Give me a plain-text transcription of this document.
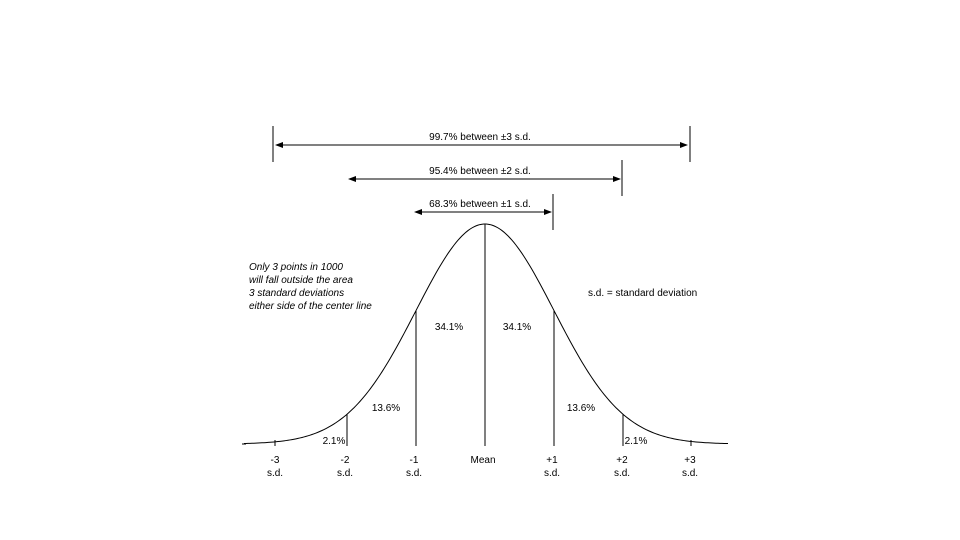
99.7% between ±3 s.d.
95.4% between ±2 s.d.
68.3% between ±1 s.d.
Only 3 points in 1000
will fall outside the area
3 standard deviations
either side of the center line
s.d. = standard deviation
34.1%	34.1%
13.6%	13.6%
2.1%	2.1%
-3
s.d.
-2
s.d.
-1
s.d.
Mean	+1
s.d.
+2
s.d.
+3
s.d.
